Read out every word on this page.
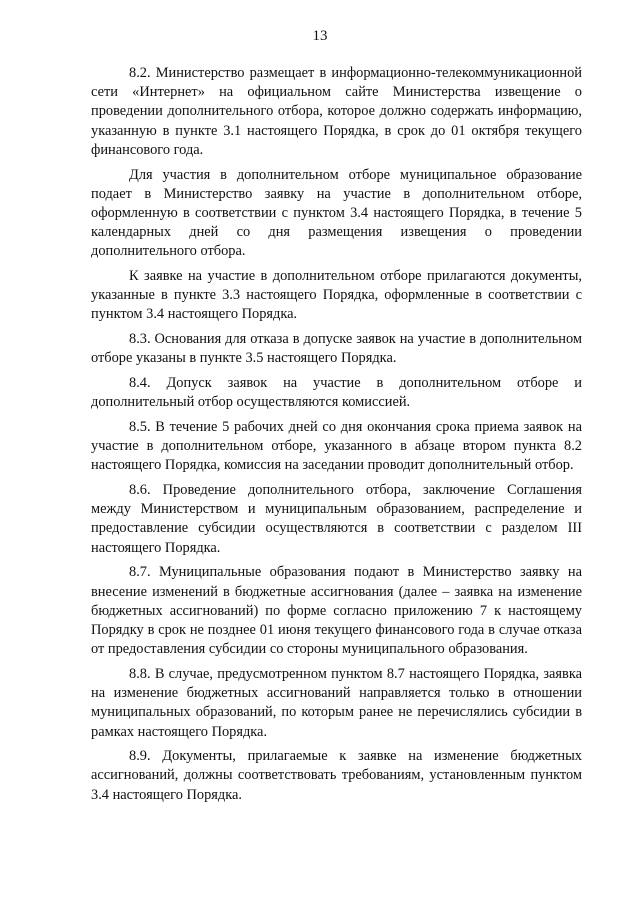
13

8.2. Министерство размещает в информационно-телекоммуникационной сети «Интернет» на официальном сайте Министерства извещение о проведении дополнительного отбора, которое должно содержать информацию, указанную в пункте 3.1 настоящего Порядка, в срок до 01 октября текущего финансового года.

Для участия в дополнительном отборе муниципальное образование подает в Министерство заявку на участие в дополнительном отборе, оформленную в соответствии с пунктом 3.4 настоящего Порядка, в течение 5 календарных дней со дня размещения извещения о проведении дополнительного отбора.

К заявке на участие в дополнительном отборе прилагаются документы, указанные в пункте 3.3 настоящего Порядка, оформленные в соответствии с пунктом 3.4 настоящего Порядка.

8.3. Основания для отказа в допуске заявок на участие в дополнительном отборе указаны в пункте 3.5 настоящего Порядка.

8.4. Допуск заявок на участие в дополнительном отборе и дополнительный отбор осуществляются комиссией.

8.5. В течение 5 рабочих дней со дня окончания срока приема заявок на участие в дополнительном отборе, указанного в абзаце втором пункта 8.2 настоящего Порядка, комиссия на заседании проводит дополнительный отбор.

8.6. Проведение дополнительного отбора, заключение Соглашения между Министерством и муниципальным образованием, распределение и предоставление субсидии осуществляются в соответствии с разделом III настоящего Порядка.

8.7. Муниципальные образования подают в Министерство заявку на внесение изменений в бюджетные ассигнования (далее – заявка на изменение бюджетных ассигнований) по форме согласно приложению 7 к настоящему Порядку в срок не позднее 01 июня текущего финансового года в случае отказа от предоставления субсидии со стороны муниципального образования.

8.8. В случае, предусмотренном пунктом 8.7 настоящего Порядка, заявка на изменение бюджетных ассигнований направляется только в отношении муниципальных образований, по которым ранее не перечислялись субсидии в рамках настоящего Порядка.

8.9. Документы, прилагаемые к заявке на изменение бюджетных ассигнований, должны соответствовать требованиям, установленным пунктом 3.4 настоящего Порядка.
